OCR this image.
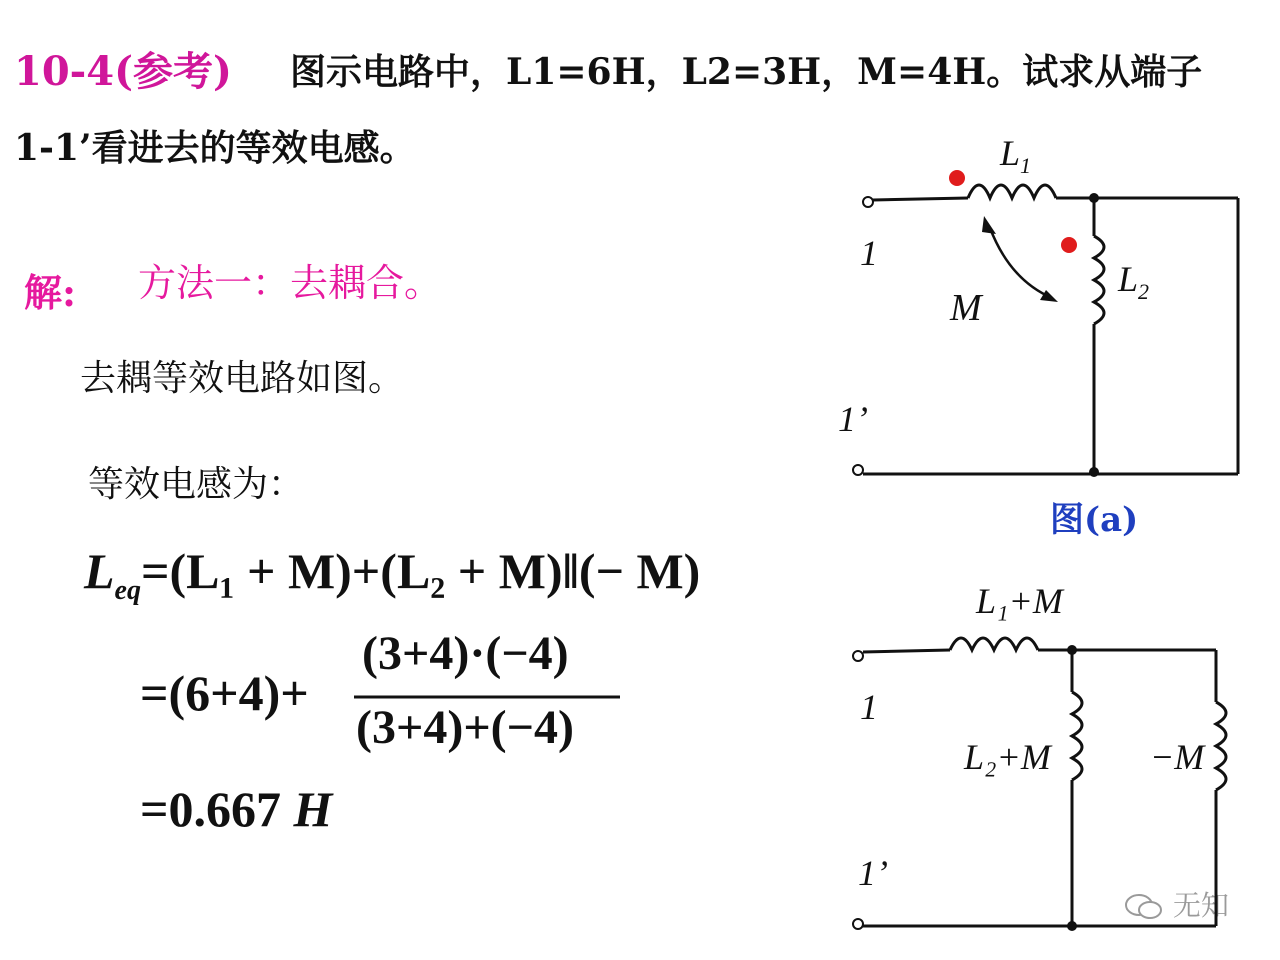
10-4(参考) 图示电路中，L1=6H，L2=3H，M=4H。试求从端子
1-1’看进去的等效电感。
解: 方法一：去耦合。
去耦等效电路如图。
等效电感为：
$L_{eq}=(L_1 + M)+(L_2$ + M)‖(− M)
=(6+4)+
(3+4)·(−4)
(3+4)+(−4)
=0.667 H
$L_1$
$L_2$
M
1
1’
图(a)
L₁+M
L₂+M	−M
1
1’
无知
